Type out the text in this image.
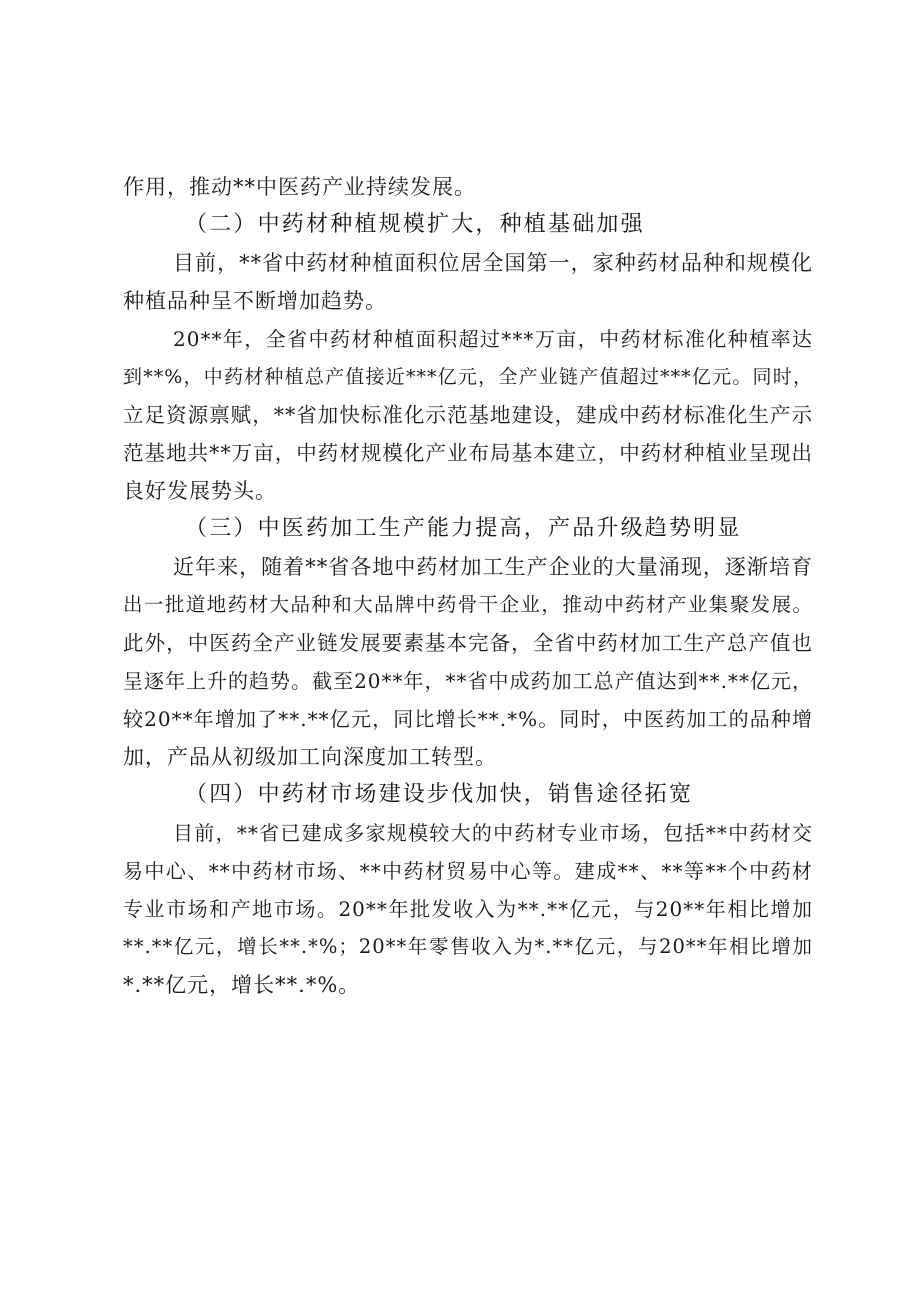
作用，推动**中医药产业持续发展。
（二）中药材种植规模扩大，种植基础加强
目前，**省中药材种植面积位居全国第一，家种药材品种和规模化
种植品种呈不断增加趋势。
20**年，全省中药材种植面积超过***万亩，中药材标准化种植率达
到**%，中药材种植总产值接近***亿元，全产业链产值超过***亿元。同时，
立足资源禀赋，**省加快标准化示范基地建设，建成中药材标准化生产示
范基地共**万亩，中药材规模化产业布局基本建立，中药材种植业呈现出
良好发展势头。
（三）中医药加工生产能力提高，产品升级趋势明显
近年来，随着**省各地中药材加工生产企业的大量涌现，逐渐培育
出一批道地药材大品种和大品牌中药骨干企业，推动中药材产业集聚发展。
此外，中医药全产业链发展要素基本完备，全省中药材加工生产总产值也
呈逐年上升的趋势。截至20**年，**省中成药加工总产值达到**.**亿元，
较20**年增加了**.**亿元，同比增长**.*%。同时，中医药加工的品种增
加，产品从初级加工向深度加工转型。
（四）中药材市场建设步伐加快，销售途径拓宽
目前，**省已建成多家规模较大的中药材专业市场，包括**中药材交
易中心、**中药材市场、**中药材贸易中心等。建成**、**等**个中药材
专业市场和产地市场。20**年批发收入为**.**亿元，与20**年相比增加
**.**亿元，增长**.*%；20**年零售收入为*.**亿元，与20**年相比增加
*.**亿元，增长**.*%。
